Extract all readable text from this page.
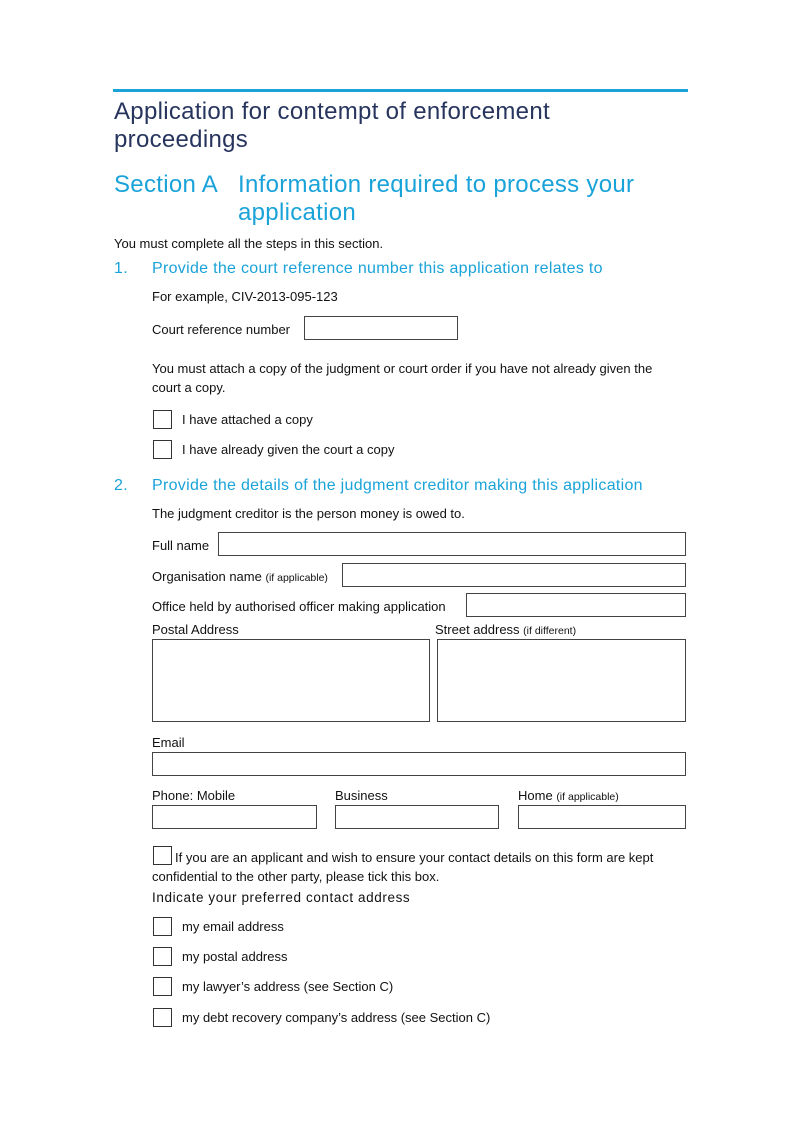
Application for contempt of enforcement proceedings
Section A Information required to process your application
You must complete all the steps in this section.
1. Provide the court reference number this application relates to
For example, CIV-2013-095-123
Court reference number
You must attach a copy of the judgment or court order if you have not already given the court a copy.
I have attached a copy
I have already given the court a copy
2. Provide the details of the judgment creditor making this application
The judgment creditor is the person money is owed to.
Full name
Organisation name (if applicable)
Office held by authorised officer making application
Postal Address	Street address (if different)
Email
Phone: Mobile	Business	Home (if applicable)
If you are an applicant and wish to ensure your contact details on this form are kept confidential to the other party, please tick this box.
Indicate your preferred contact address
my email address
my postal address
my lawyer’s address (see Section C)
my debt recovery company’s address (see Section C)
